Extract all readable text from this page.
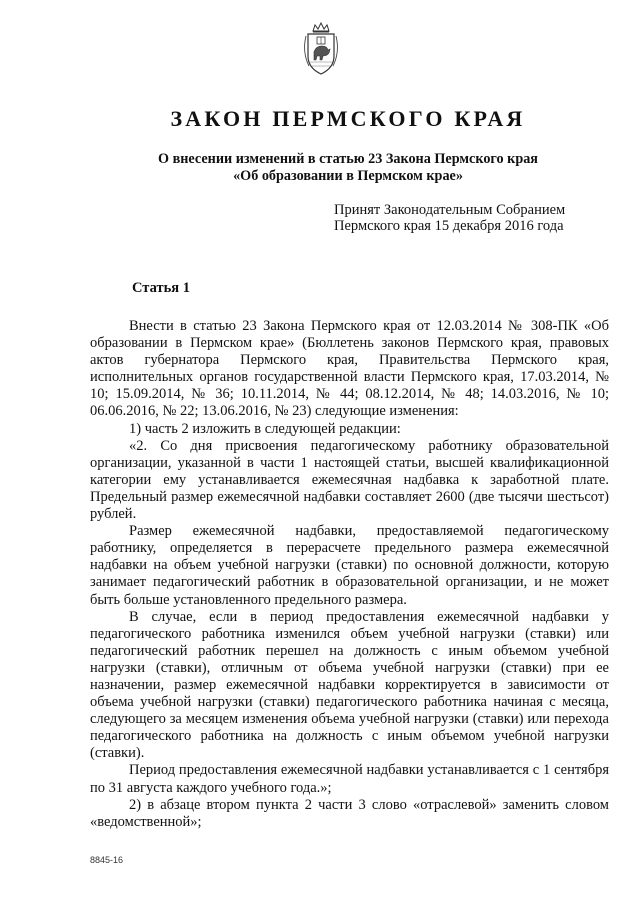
ЗАКОН ПЕРМСКОГО КРАЯ
О внесении изменений в статью 23 Закона Пермского края
«Об образовании в Пермском крае»
Принят Законодательным Собранием
Пермского края 15 декабря 2016 года
Статья 1

Внести в статью 23 Закона Пермского края от 12.03.2014 № 308-ПК «Об образовании в Пермском крае» (Бюллетень законов Пермского края, правовых актов губернатора Пермского края, Правительства Пермского края, исполнительных органов государственной власти Пермского края, 17.03.2014, № 10; 15.09.2014, № 36; 10.11.2014, № 44; 08.12.2014, № 48; 14.03.2016, № 10; 06.06.2016, № 22; 13.06.2016, № 23) следующие изменения:

1) часть 2 изложить в следующей редакции:

«2. Со дня присвоения педагогическому работнику образовательной организации, указанной в части 1 настоящей статьи, высшей квалификационной категории ему устанавливается ежемесячная надбавка к заработной плате. Предельный размер ежемесячной надбавки составляет 2600 (две тысячи шестьсот) рублей.

Размер ежемесячной надбавки, предоставляемой педагогическому работнику, определяется в перерасчете предельного размера ежемесячной надбавки на объем учебной нагрузки (ставки) по основной должности, которую занимает педагогический работник в образовательной организации, и не может быть больше установленного предельного размера.

В случае, если в период предоставления ежемесячной надбавки у педагогического работника изменился объем учебной нагрузки (ставки) или педагогический работник перешел на должность с иным объемом учебной нагрузки (ставки), отличным от объема учебной нагрузки (ставки) при ее назначении, размер ежемесячной надбавки корректируется в зависимости от объема учебной нагрузки (ставки) педагогического работника начиная с месяца, следующего за месяцем изменения объема учебной нагрузки (ставки) или перехода педагогического работника на должность с иным объемом учебной нагрузки (ставки).

Период предоставления ежемесячной надбавки устанавливается с 1 сентября по 31 августа каждого учебного года.»;

2) в абзаце втором пункта 2 части 3 слово «отраслевой» заменить словом «ведомственной»;

8845-16
